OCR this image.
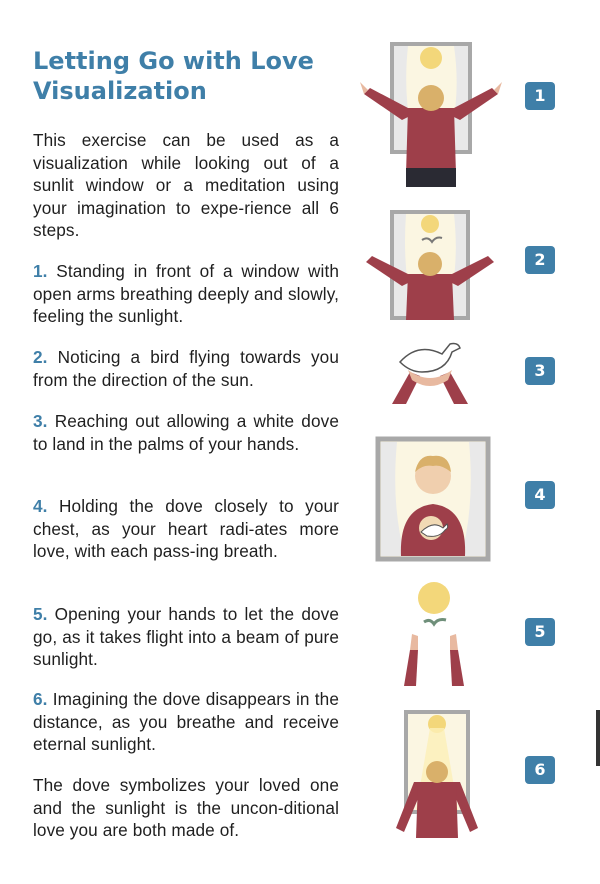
Letting Go with Love Visualization

This exercise can be used as a visualization while looking out of a sunlit window or a meditation using your imagination to expe-rience all 6 steps.

1. Standing in front of a window with open arms breathing deeply and slowly, feeling the sunlight.

2. Noticing a bird flying towards you from the direction of the sun.

3. Reaching out allowing a white dove to land in the palms of your hands.

4. Holding the dove closely to your chest, as your heart radi-ates more love, with each pass-ing breath.

5. Opening your hands to let the dove go, as it takes flight into a beam of pure sunlight.

6. Imagining the dove disappears in the distance, as you breathe and receive eternal sunlight.

The dove symbolizes your loved one and the sunlight is the uncon-ditional love you are both made of.

1
2
3
4
5
6
